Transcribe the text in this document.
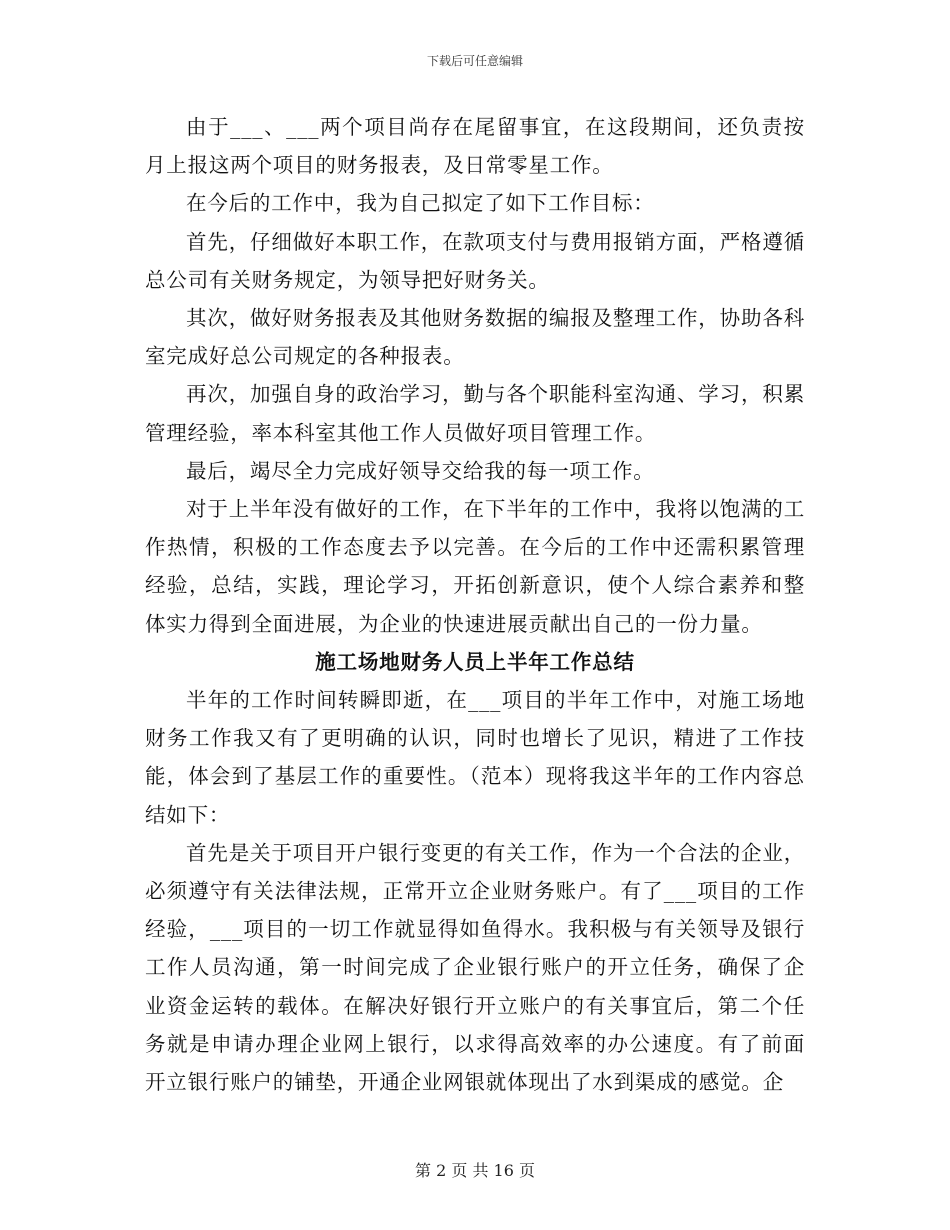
下载后可任意编辑

由于___、___两个项目尚存在尾留事宜，在这段期间，还负责按月上报这两个项目的财务报表，及日常零星工作。

在今后的工作中，我为自己拟定了如下工作目标：

首先，仔细做好本职工作，在款项支付与费用报销方面，严格遵循总公司有关财务规定，为领导把好财务关。

其次，做好财务报表及其他财务数据的编报及整理工作，协助各科室完成好总公司规定的各种报表。

再次，加强自身的政治学习，勤与各个职能科室沟通、学习，积累管理经验，率本科室其他工作人员做好项目管理工作。

最后，竭尽全力完成好领导交给我的每一项工作。

对于上半年没有做好的工作，在下半年的工作中，我将以饱满的工作热情，积极的工作态度去予以完善。在今后的工作中还需积累管理经验，总结，实践，理论学习，开拓创新意识，使个人综合素养和整体实力得到全面进展，为企业的快速进展贡献出自己的一份力量。

施工场地财务人员上半年工作总结

半年的工作时间转瞬即逝，在___项目的半年工作中，对施工场地财务工作我又有了更明确的认识，同时也增长了见识，精进了工作技能，体会到了基层工作的重要性。（范本）现将我这半年的工作内容总结如下：

首先是关于项目开户银行变更的有关工作，作为一个合法的企业，必须遵守有关法律法规，正常开立企业财务账户。有了___项目的工作经验，___项目的一切工作就显得如鱼得水。我积极与有关领导及银行工作人员沟通，第一时间完成了企业银行账户的开立任务，确保了企业资金运转的载体。在解决好银行开立账户的有关事宜后，第二个任务就是申请办理企业网上银行，以求得高效率的办公速度。有了前面开立银行账户的铺垫，开通企业网银就体现出了水到渠成的感觉。企

第 2 页 共 16 页
